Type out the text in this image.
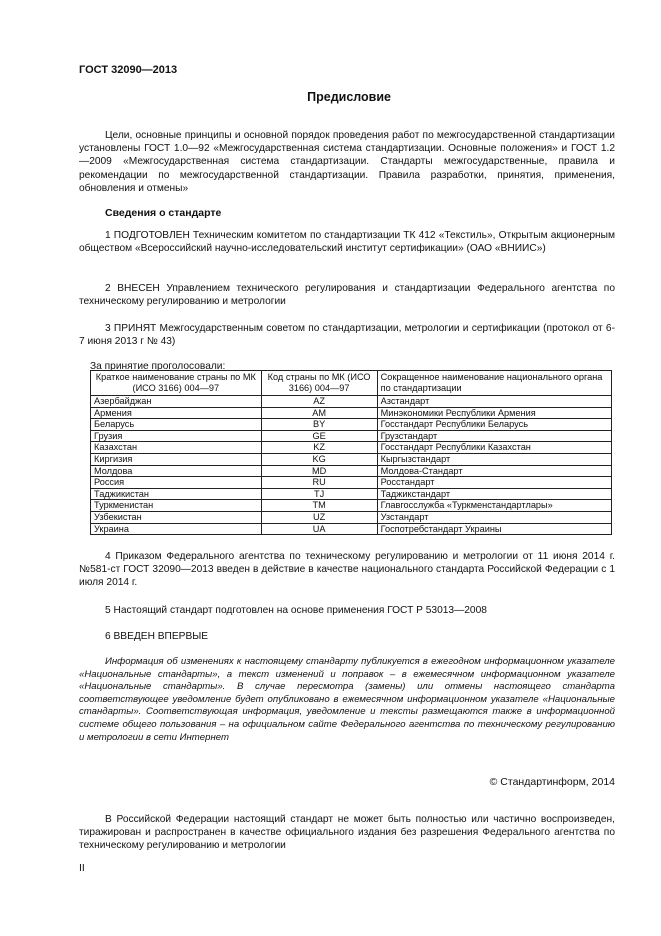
ГОСТ 32090—2013
Предисловие
Цели, основные принципы и основной порядок проведения работ по межгосударственной стандартизации установлены ГОСТ 1.0—92 «Межгосударственная система стандартизации. Основные положения» и ГОСТ 1.2—2009 «Межгосударственная система стандартизации. Стандарты межгосударственные, правила и рекомендации по межгосударственной стандартизации. Правила разработки, принятия, применения, обновления и отмены»
Сведения о стандарте
1 ПОДГОТОВЛЕН Техническим комитетом по стандартизации ТК 412 «Текстиль», Открытым акционерным обществом «Всероссийский научно-исследовательский институт сертификации» (ОАО «ВНИИС»)
2 ВНЕСЕН Управлением технического регулирования и стандартизации Федерального агентства по техническому регулированию и метрологии
3 ПРИНЯТ Межгосударственным советом по стандартизации, метрологии и сертификации (протокол от 6-7 июня 2013 г № 43)
За принятие проголосовали:
Краткое наименование страны по МК (ИСО 3166) 004—97	Код страны по МК (ИСО 3166) 004—97	Сокращенное наименование национального органа по стандартизации
Азербайджан	AZ	Азстандарт
Армения	AM	Минэкономики Республики Армения
Беларусь	BY	Госстандарт Республики Беларусь
Грузия	GE	Грузстандарт
Казахстан	KZ	Госстандарт Республики Казахстан
Киргизия	KG	Кыргызстандарт
Молдова	MD	Молдова-Стандарт
Россия	RU	Росстандарт
Таджикистан	TJ	Таджикстандарт
Туркменистан	TM	Главгосслужба «Туркменстандартлары»
Узбекистан	UZ	Узстандарт
Украина	UA	Госпотребстандарт Украины
4 Приказом Федерального агентства по техническому регулированию и метрологии от 11 июня 2014 г. №581-ст ГОСТ 32090—2013 введен в действие в качестве национального стандарта Российской Федерации с 1 июля 2014 г.
5 Настоящий стандарт подготовлен на основе применения ГОСТ Р 53013—2008
6 ВВЕДЕН ВПЕРВЫЕ
Информация об изменениях к настоящему стандарту публикуется в ежегодном информационном указателе «Национальные стандарты», а текст изменений и поправок – в ежемесячном информационном указателе «Национальные стандарты». В случае пересмотра (замены) или отмены настоящего стандарта соответствующее уведомление будет опубликовано в ежемесячном информационном указателе «Национальные стандарты». Соответствующая информация, уведомление и тексты размещаются также в информационной системе общего пользования – на официальном сайте Федерального агентства по техническому регулированию и метрологии в сети Интернет
© Стандартинформ, 2014
В Российской Федерации настоящий стандарт не может быть полностью или частично воспроизведен, тиражирован и распространен в качестве официального издания без разрешения Федерального агентства по техническому регулированию и метрологии
II
